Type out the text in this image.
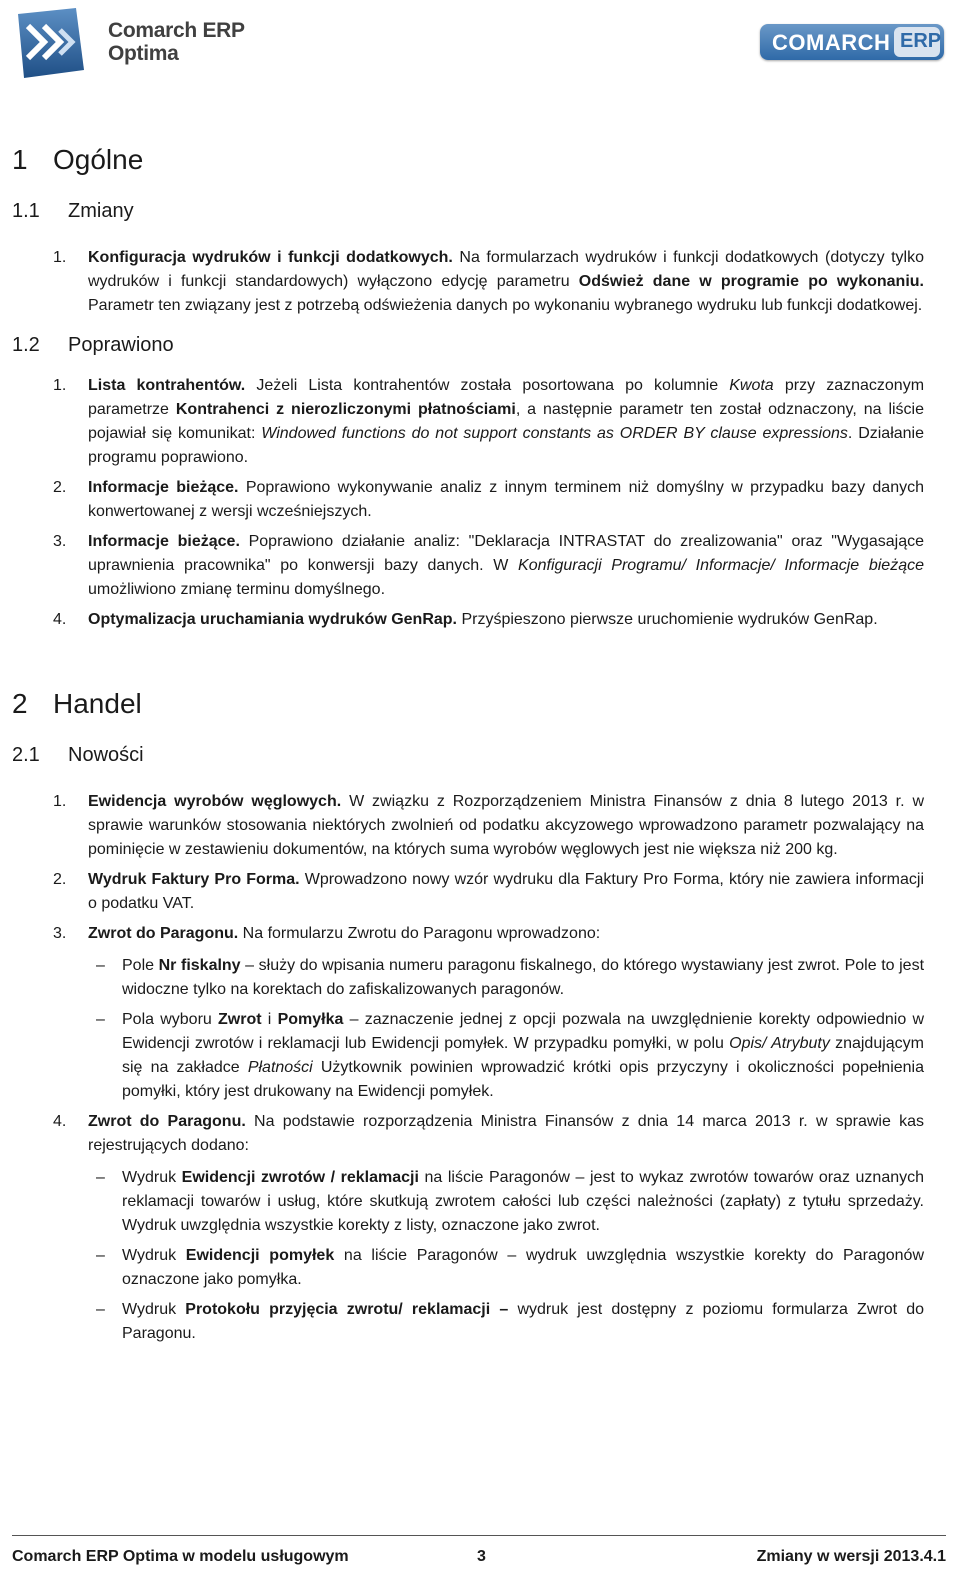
Comarch ERP
Optima	COMARCH ERP
1 Ogólne
1.1 Zmiany
1. Konfiguracja wydruków i funkcji dodatkowych. Na formularzach wydruków i funkcji dodatkowych (dotyczy tylko wydruków i funkcji standardowych) wyłączono edycję parametru Odśwież dane w programie po wykonaniu. Parametr ten związany jest z potrzebą odświeżenia danych po wykonaniu wybranego wydruku lub funkcji dodatkowej.
1.2 Poprawiono
1. Lista kontrahentów. Jeżeli Lista kontrahentów została posortowana po kolumnie Kwota przy zaznaczonym parametrze Kontrahenci z nierozliczonymi płatnościami, a następnie parametr ten został odznaczony, na liście pojawiał się komunikat: Windowed functions do not support constants as ORDER BY clause expressions. Działanie programu poprawiono.
2. Informacje bieżące. Poprawiono wykonywanie analiz z innym terminem niż domyślny w przypadku bazy danych konwertowanej z wersji wcześniejszych.
3. Informacje bieżące. Poprawiono działanie analiz: "Deklaracja INTRASTAT do zrealizowania" oraz "Wygasające uprawnienia pracownika" po konwersji bazy danych. W Konfiguracji Programu/ Informacje/ Informacje bieżące umożliwiono zmianę terminu domyślnego.
4. Optymalizacja uruchamiania wydruków GenRap. Przyśpieszono pierwsze uruchomienie wydruków GenRap.
2 Handel
2.1 Nowości
1. Ewidencja wyrobów węglowych. W związku z Rozporządzeniem Ministra Finansów z dnia 8 lutego 2013 r. w sprawie warunków stosowania niektórych zwolnień od podatku akcyzowego wprowadzono parametr pozwalający na pominięcie w zestawieniu dokumentów, na których suma wyrobów węglowych jest nie większa niż 200 kg.
2. Wydruk Faktury Pro Forma. Wprowadzono nowy wzór wydruku dla Faktury Pro Forma, który nie zawiera informacji o podatku VAT.
3. Zwrot do Paragonu. Na formularzu Zwrotu do Paragonu wprowadzono:
– Pole Nr fiskalny – służy do wpisania numeru paragonu fiskalnego, do którego wystawiany jest zwrot. Pole to jest widoczne tylko na korektach do zafiskalizowanych paragonów.
– Pola wyboru Zwrot i Pomyłka – zaznaczenie jednej z opcji pozwala na uwzględnienie korekty odpowiednio w Ewidencji zwrotów i reklamacji lub Ewidencji pomyłek. W przypadku pomyłki, w polu Opis/ Atrybuty znajdującym się na zakładce Płatności Użytkownik powinien wprowadzić krótki opis przyczyny i okoliczności popełnienia pomyłki, który jest drukowany na Ewidencji pomyłek.
4. Zwrot do Paragonu. Na podstawie rozporządzenia Ministra Finansów z dnia 14 marca 2013 r. w sprawie kas rejestrujących dodano:
– Wydruk Ewidencji zwrotów / reklamacji na liście Paragonów – jest to wykaz zwrotów towarów oraz uznanych reklamacji towarów i usług, które skutkują zwrotem całości lub części należności (zapłaty) z tytułu sprzedaży. Wydruk uwzględnia wszystkie korekty z listy, oznaczone jako zwrot.
– Wydruk Ewidencji pomyłek na liście Paragonów – wydruk uwzględnia wszystkie korekty do Paragonów oznaczone jako pomyłka.
– Wydruk Protokołu przyjęcia zwrotu/ reklamacji – wydruk jest dostępny z poziomu formularza Zwrot do Paragonu.
Comarch ERP Optima w modelu usługowym	3	Zmiany w wersji 2013.4.1
